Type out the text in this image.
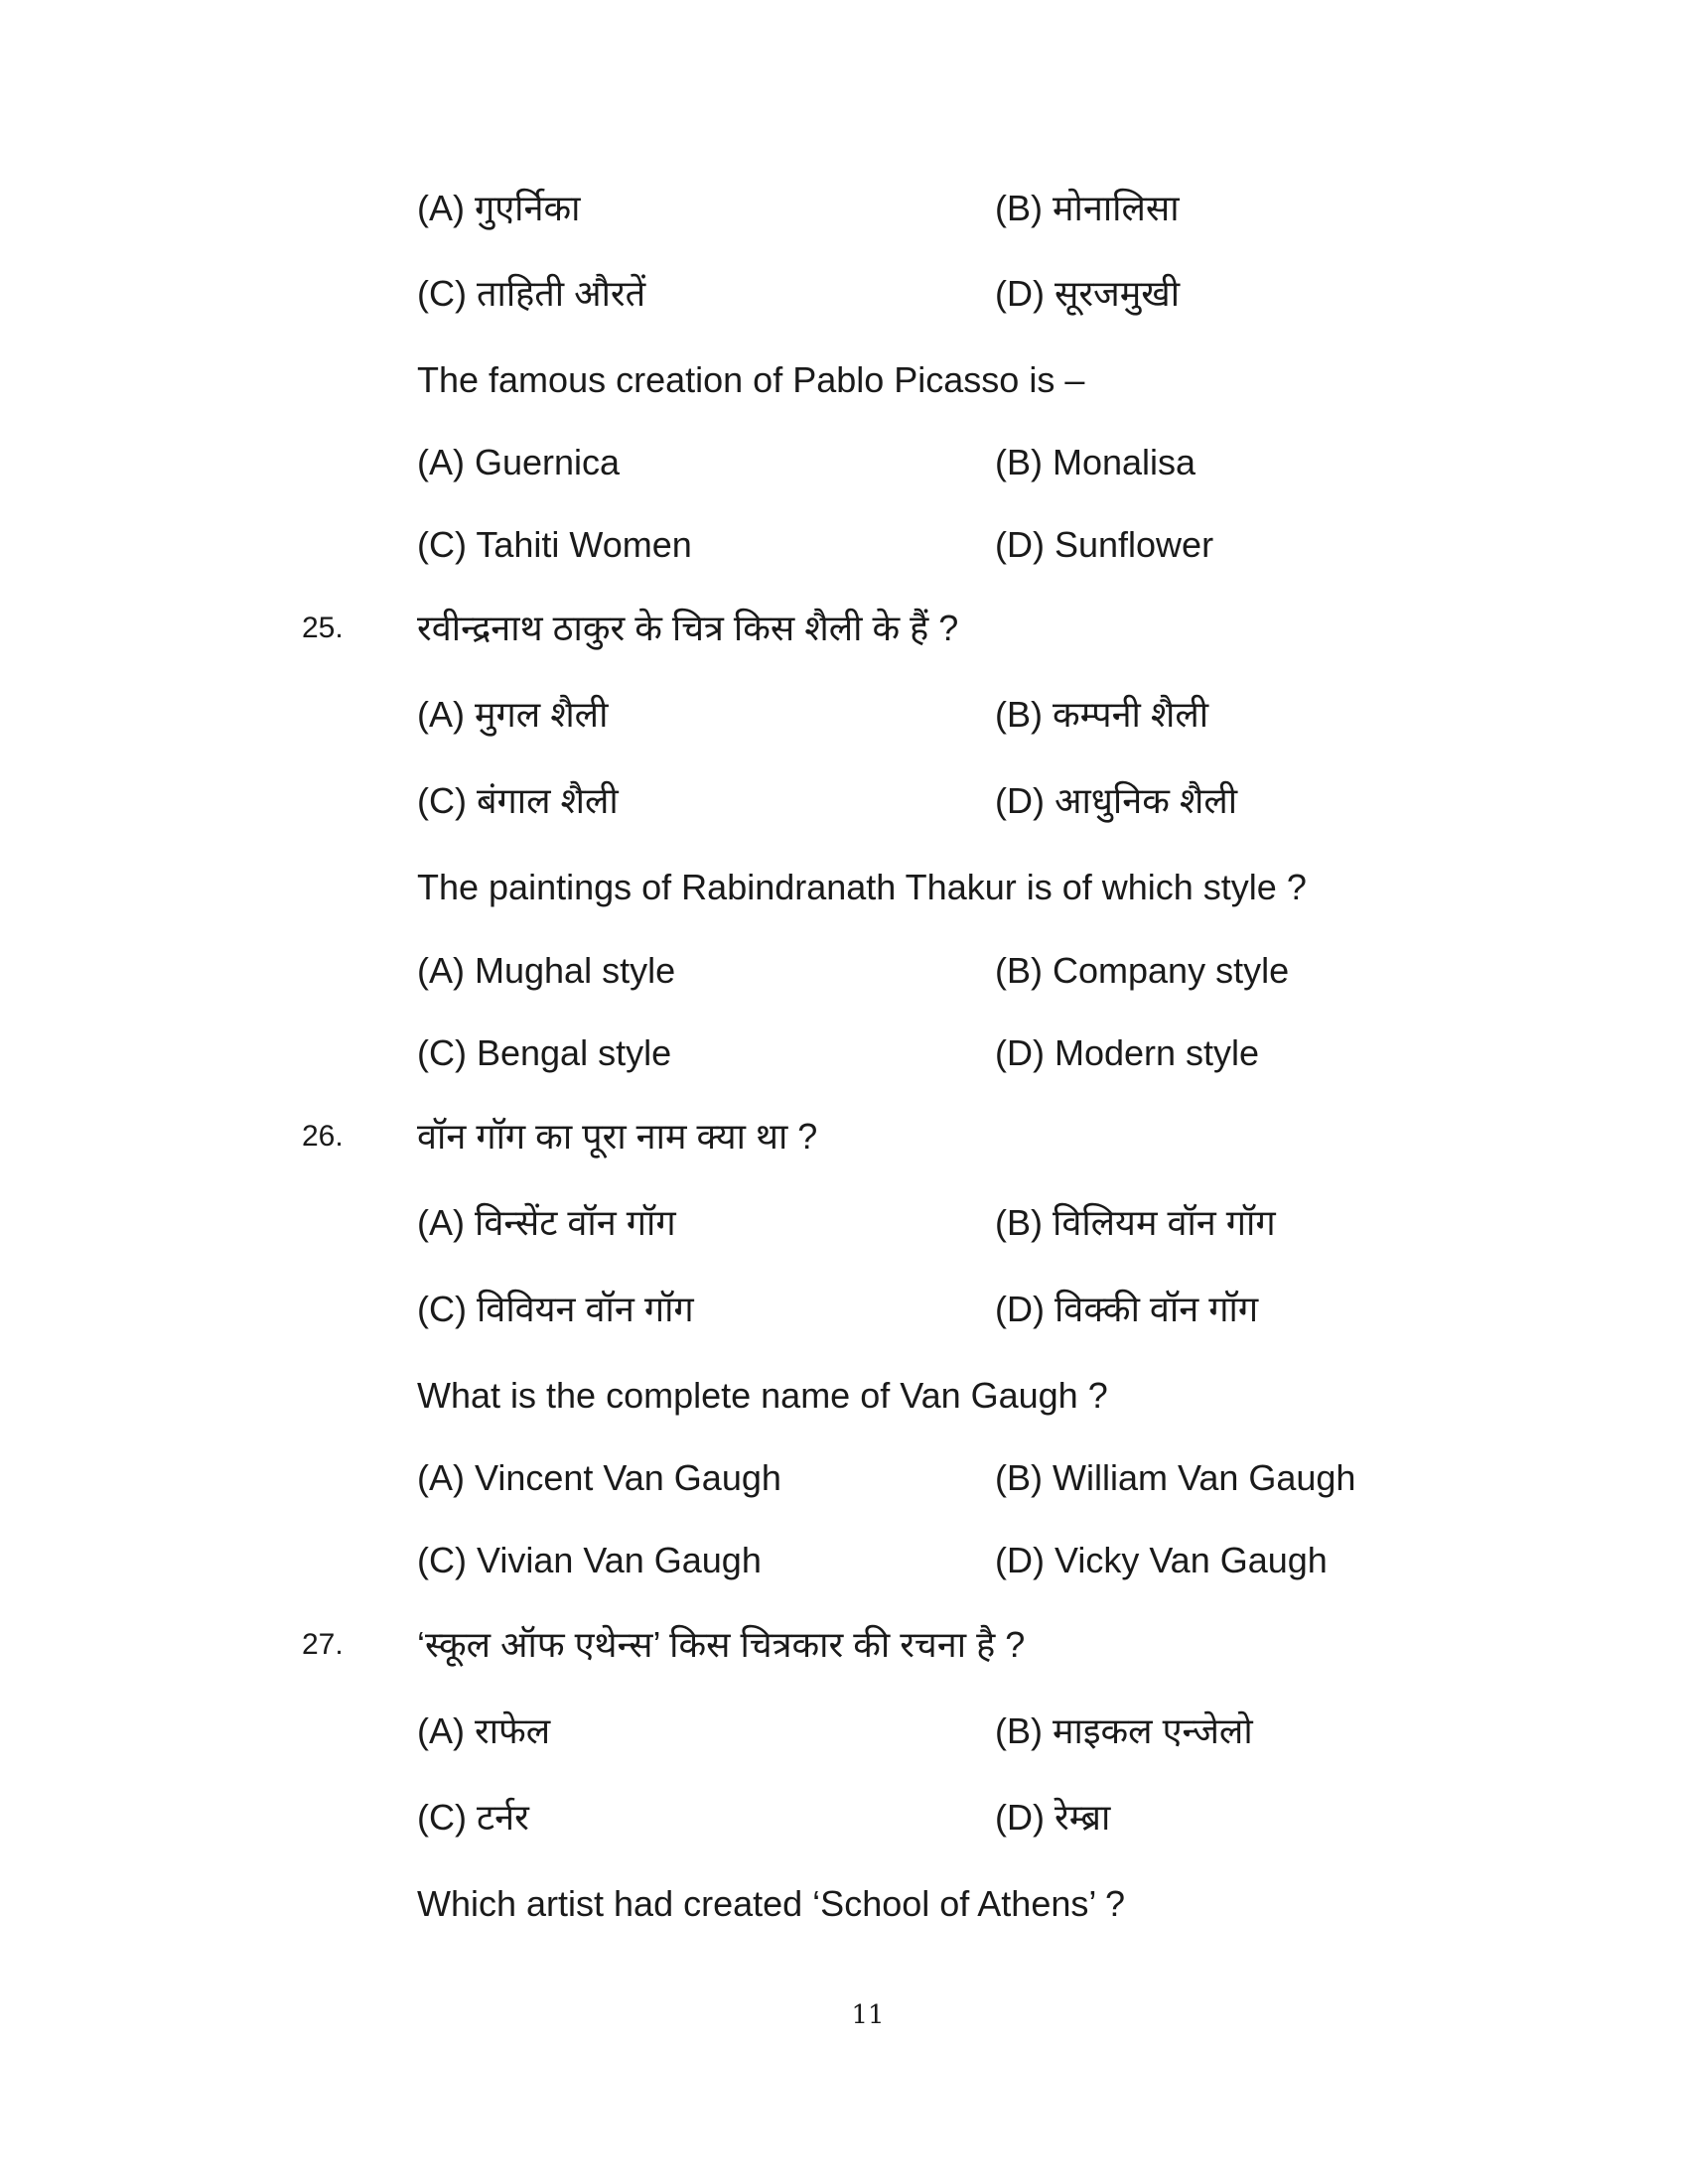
(A) गुएर्निका	(B) मोनालिसा
(C) ताहिती औरतें	(D) सूरजमुखी
The famous creation of Pablo Picasso is –
(A) Guernica	(B) Monalisa
(C) Tahiti Women	(D) Sunflower
25. रवीन्द्रनाथ ठाकुर के चित्र किस शैली के हैं ?
(A) मुगल शैली	(B) कम्पनी शैली
(C) बंगाल शैली	(D) आधुनिक शैली
The paintings of Rabindranath Thakur is of which style ?
(A) Mughal style	(B) Company style
(C) Bengal style	(D) Modern style
26. वॉन गॉग का पूरा नाम क्या था ?
(A) विन्सेंट वॉन गॉग	(B) विलियम वॉन गॉग
(C) विवियन वॉन गॉग	(D) विक्की वॉन गॉग
What is the complete name of Van Gaugh ?
(A) Vincent Van Gaugh	(B) William Van Gaugh
(C) Vivian Van Gaugh	(D) Vicky Van Gaugh
27. ‘स्कूल ऑफ एथेन्स’ किस चित्रकार की रचना है ?
(A) राफेल	(B) माइकल एन्जेलो
(C) टर्नर	(D) रेम्ब्रा
Which artist had created ‘School of Athens’ ?
11
